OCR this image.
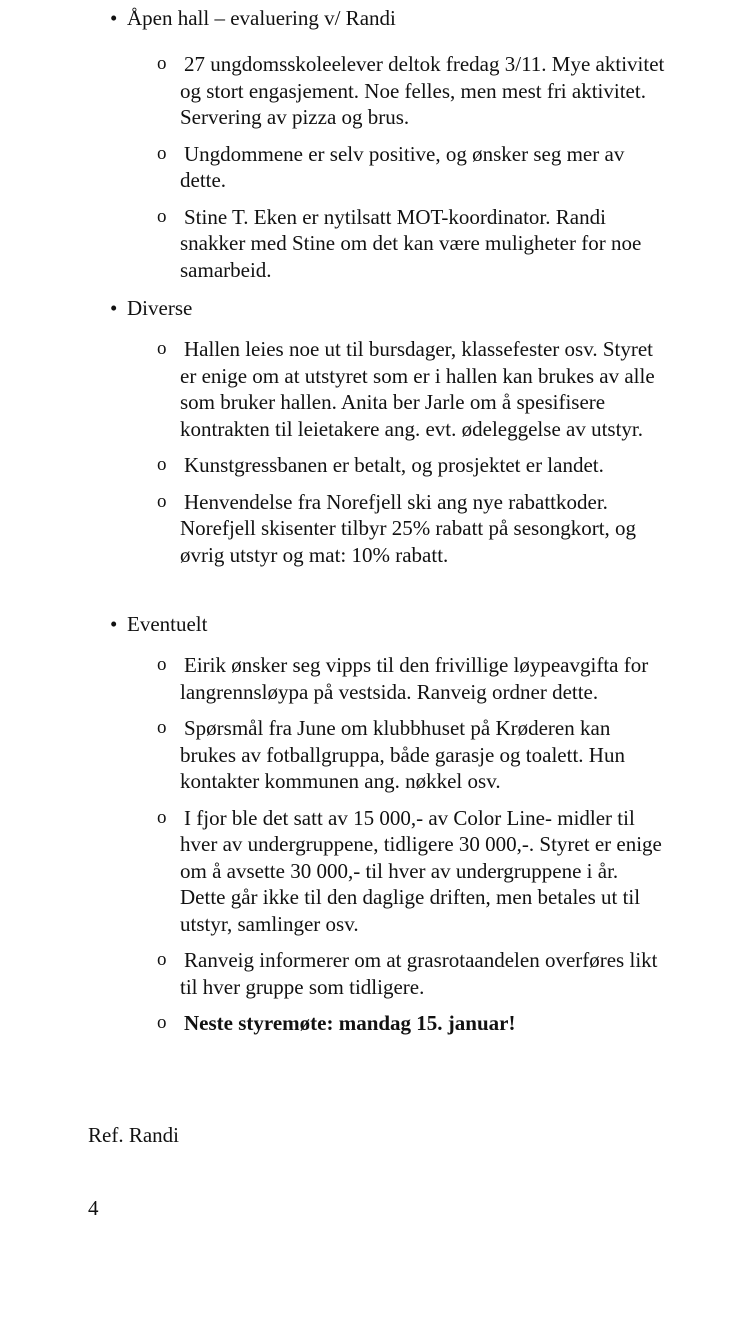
• Åpen hall – evaluering v/ Randi
o 27 ungdomsskoleelever deltok fredag 3/11. Mye aktivitet og stort engasjement. Noe felles, men mest fri aktivitet. Servering av pizza og brus.
o Ungdommene er selv positive, og ønsker seg mer av dette.
o Stine T. Eken er nytilsatt MOT-koordinator. Randi snakker med Stine om det kan være muligheter for noe samarbeid.
• Diverse
o Hallen leies noe ut til bursdager, klassefester osv. Styret er enige om at utstyret som er i hallen kan brukes av alle som bruker hallen. Anita ber Jarle om å spesifisere kontrakten til leietakere ang. evt. ødeleggelse av utstyr.
o Kunstgressbanen er betalt, og prosjektet er landet.
o Henvendelse fra Norefjell ski ang nye rabattkoder. Norefjell skisenter tilbyr 25% rabatt på sesongkort, og øvrig utstyr og mat: 10% rabatt.
• Eventuelt
o Eirik ønsker seg vipps til den frivillige løypeavgifta for langrennsløypa på vestsida. Ranveig ordner dette.
o Spørsmål fra June om klubbhuset på Krøderen kan brukes av fotballgruppa, både garasje og toalett. Hun kontakter kommunen ang. nøkkel osv.
o I fjor ble det satt av 15 000,- av Color Line- midler til hver av undergruppene, tidligere 30 000,-. Styret er enige om å avsette 30 000,- til hver av undergruppene i år. Dette går ikke til den daglige driften, men betales ut til utstyr, samlinger osv.
o Ranveig informerer om at grasrotaandelen overføres likt til hver gruppe som tidligere.
o Neste styremøte: mandag 15. januar!
Ref. Randi
4
